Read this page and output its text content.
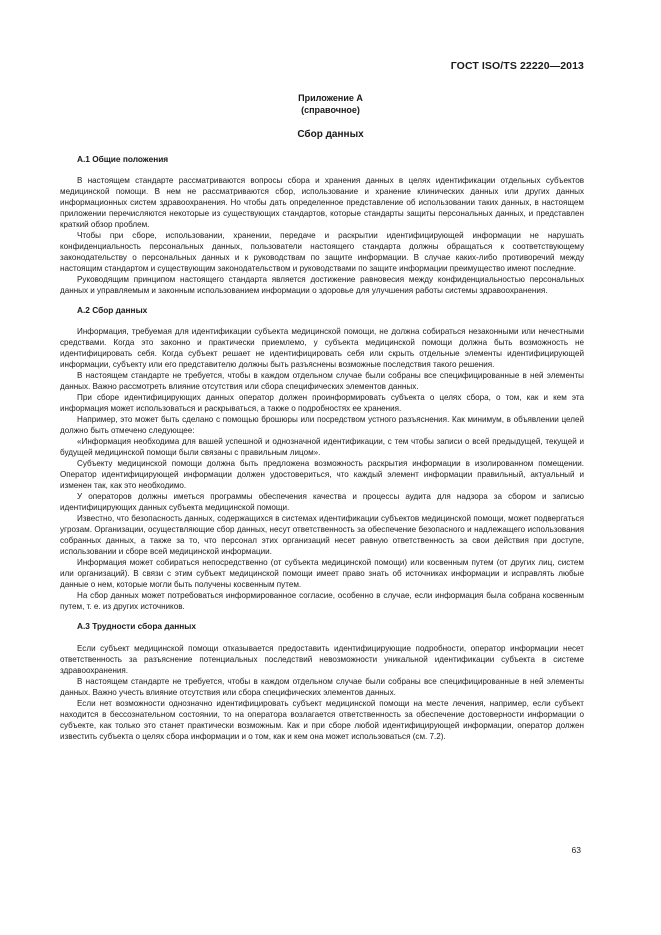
ГОСТ ISO/TS 22220—2013
Приложение А
(справочное)
Сбор данных
А.1 Общие положения

В настоящем стандарте рассматриваются вопросы сбора и хранения данных в целях идентификации отдельных субъектов медицинской помощи. В нем не рассматриваются сбор, использование и хранение клинических данных или других данных информационных систем здравоохранения. Но чтобы дать определенное представление об использовании таких данных, в настоящем приложении перечисляются некоторые из существующих стандартов, которые стандарты защиты персональных данных, и представлен краткий обзор проблем.

Чтобы при сборе, использовании, хранении, передаче и раскрытии идентифицирующей информации не нарушать конфиденциальность персональных данных, пользователи настоящего стандарта должны обращаться к соответствующему законодательству о персональных данных и к руководствам по защите информации. В случае каких-либо противоречий между настоящим стандартом и существующим законодательством и руководствами по защите информации преимущество имеют последние.

Руководящим принципом настоящего стандарта является достижение равновесия между конфиденциальностью персональных данных и управляемым и законным использованием информации о здоровье для улучшения работы системы здравоохранения.

А.2 Сбор данных

Информация, требуемая для идентификации субъекта медицинской помощи, не должна собираться незаконными или нечестными средствами. Когда это законно и практически приемлемо, у субъекта медицинской помощи должна быть возможность не идентифицировать себя. Когда субъект решает не идентифицировать себя или скрыть отдельные элементы идентифицирующей информации, субъекту или его представителю должны быть разъяснены возможные последствия такого решения.

В настоящем стандарте не требуется, чтобы в каждом отдельном случае были собраны все специфицированные в ней элементы данных. Важно рассмотреть влияние отсутствия или сбора специфических элементов данных.

При сборе идентифицирующих данных оператор должен проинформировать субъекта о целях сбора, о том, как и кем эта информация может использоваться и раскрываться, а также о подробностях ее хранения.

Например, это может быть сделано с помощью брошюры или посредством устного разъяснения. Как минимум, в объявлении целей должно быть отмечено следующее:

«Информация необходима для вашей успешной и однозначной идентификации, с тем чтобы записи о всей предыдущей, текущей и будущей медицинской помощи были связаны с правильным лицом».

Субъекту медицинской помощи должна быть предложена возможность раскрытия информации в изолированном помещении. Оператор идентифицирующей информации должен удостовериться, что каждый элемент информации правильный, актуальный и изменен так, как это необходимо.

У операторов должны иметься программы обеспечения качества и процессы аудита для надзора за сбором и записью идентифицирующих данных субъекта медицинской помощи.

Известно, что безопасность данных, содержащихся в системах идентификации субъектов медицинской помощи, может подвергаться угрозам. Организации, осуществляющие сбор данных, несут ответственность за обеспечение безопасного и надлежащего использования собранных данных, а также за то, что персонал этих организаций несет равную ответственность за свои действия при доступе, использовании и сборе всей медицинской информации.

Информация может собираться непосредственно (от субъекта медицинской помощи) или косвенным путем (от других лиц, систем или организаций). В связи с этим субъект медицинской помощи имеет право знать об источниках информации и исправлять любые данные о нем, которые могли быть получены косвенным путем.

На сбор данных может потребоваться информированное согласие, особенно в случае, если информация была собрана косвенным путем, т. е. из других источников.

А.3 Трудности сбора данных

Если субъект медицинской помощи отказывается предоставить идентифицирующие подробности, оператор информации несет ответственность за разъяснение потенциальных последствий невозможности уникальной идентификации субъекта в системе здравоохранения.

В настоящем стандарте не требуется, чтобы в каждом отдельном случае были собраны все специфицированные в ней элементы данных. Важно учесть влияние отсутствия или сбора специфических элементов данных.

Если нет возможности однозначно идентифицировать субъект медицинской помощи на месте лечения, например, если субъект находится в бессознательном состоянии, то на оператора возлагается ответственность за обеспечение достоверности информации о субъекте, как только это станет практически возможным. Как и при сборе любой идентифицирующей информации, оператор должен известить субъекта о целях сбора информации и о том, как и кем она может использоваться (см. 7.2).

63
